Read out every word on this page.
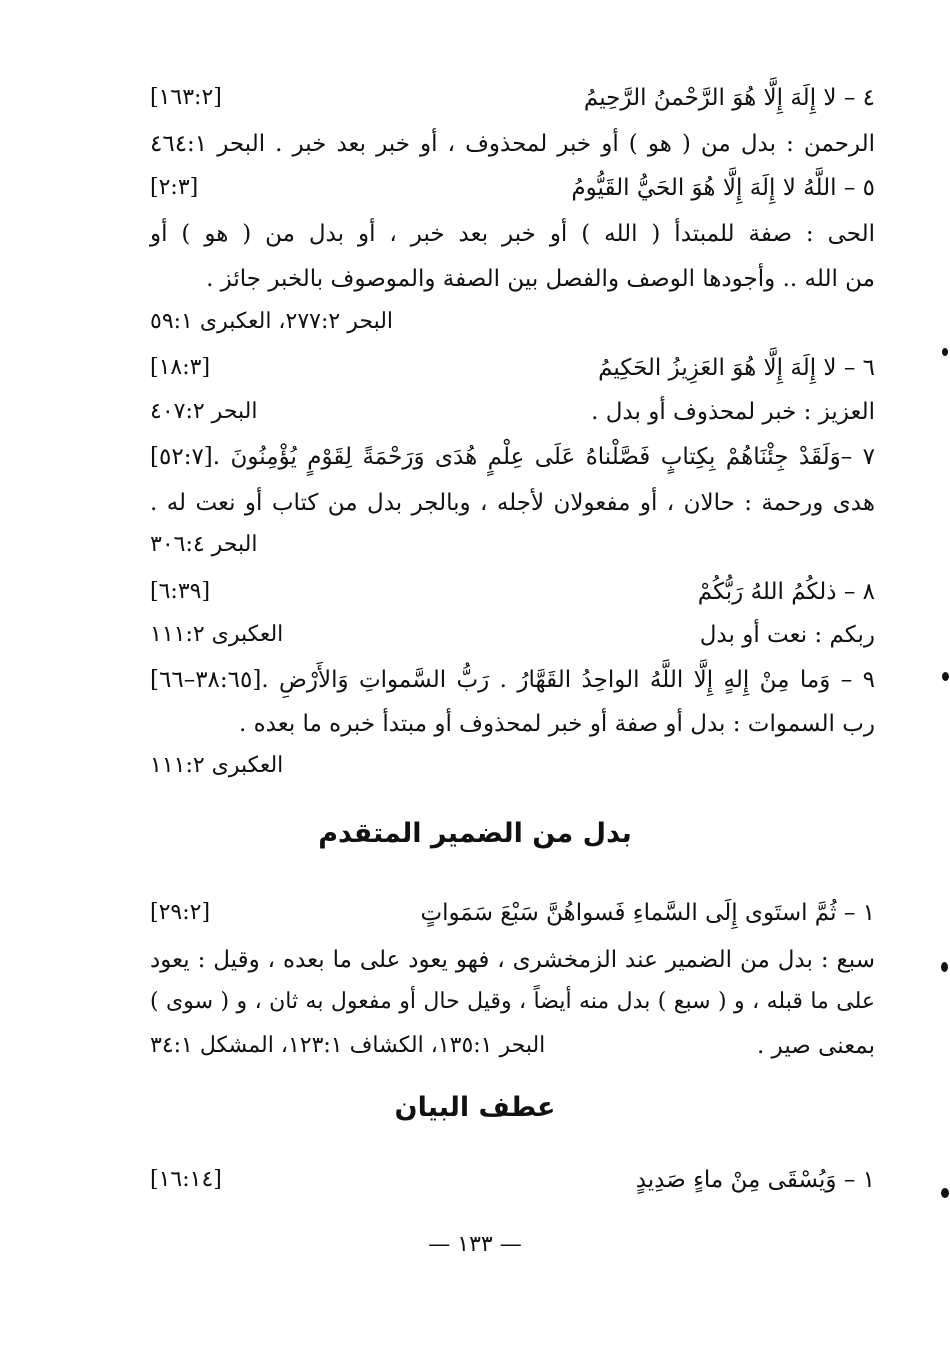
٤ – لا إِلَهَ إِلَّا هُوَ الرَّحْمنُ الرَّحِيمُ
[١٦٣:٢]
الرحمن : بدل من ( هو ) أو خبر لمحذوف ، أو خبر بعد خبر . البحر ٤٦٤:١
٥ – اللَّهُ لا إِلَهَ إِلَّا هُوَ الحَيُّ القَيُّومُ
[٢:٣]
الحى : صفة للمبتدأ ( الله ) أو خبر بعد خبر ، أو بدل من ( هو ) أو
من الله .. وأجودها الوصف والفصل بين الصفة والموصوف بالخبر جائز .
البحر ٢٧٧:٢، العكبرى ٥٩:١
٦ – لا إِلَهَ إِلَّا هُوَ العَزِيزُ الحَكِيمُ
[١٨:٣]
العزيز : خبر لمحذوف أو بدل .
البحر ٤٠٧:٢
٧ –وَلَقَدْ جِئْنَاهُمْ بِكِتابٍ فَصَّلْناهُ عَلَى عِلْمٍ هُدَى وَرَحْمَةً لِقَوْمٍ يُؤْمِنُونَ .[٥٢:٧]
هدى ورحمة : حالان ، أو مفعولان لأجله ، وبالجر بدل من كتاب أو نعت له .
البحر ٣٠٦:٤
٨ – ذلكُمُ اللهُ رَبُّكُمْ
[٦:٣٩]
ربكم : نعت أو بدل
العكبرى ١١١:٢
٩ – وَما مِنْ إِلهٍ إِلَّا اللَّهُ الواحِدُ القَهَّارُ . رَبُّ السَّمواتِ وَالأَرْضِ .[٣٨:٦٥–٦٦]
رب السموات : بدل أو صفة أو خبر لمحذوف أو مبتدأ خبره ما بعده .
العكبرى ١١١:٢
بدل من الضمير المتقدم
١ – ثُمَّ استَوى إِلَى السَّماءِ فَسواهُنَّ سَبْعَ سَمَواتٍ
[٢٩:٢]
سبع : بدل من الضمير عند الزمخشرى ، فهو يعود على ما بعده ، وقيل : يعود
على ما قبله ، و ( سبع ) بدل منه أيضاً ، وقيل حال أو مفعول به ثان ، و ( سوى )
بمعنى صير .
البحر ١٣٥:١، الكشاف ١٢٣:١، المشكل ٣٤:١
عطف البيان
١ – وَيُسْقَى مِنْ ماءٍ صَدِيدٍ
[١٦:١٤]
— ١٣٣ —
